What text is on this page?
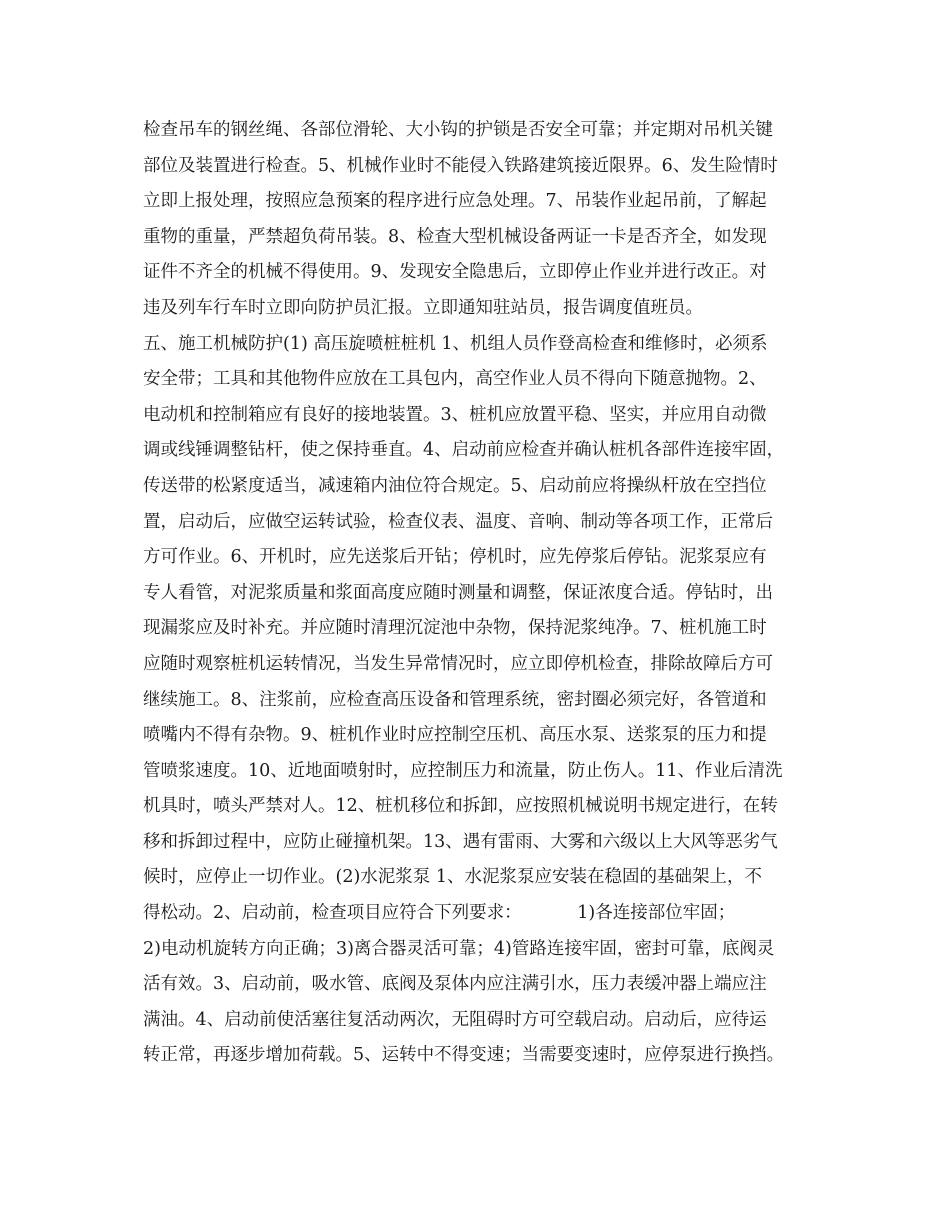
检查吊车的钢丝绳、各部位滑轮、大小钩的护锁是否安全可靠；并定期对吊机关键
部位及装置进行检查。5、机械作业时不能侵入铁路建筑接近限界。6、发生险情时
立即上报处理，按照应急预案的程序进行应急处理。7、吊装作业起吊前，了解起
重物的重量，严禁超负荷吊装。8、检查大型机械设备两证一卡是否齐全，如发现
证件不齐全的机械不得使用。9、发现安全隐患后，立即停止作业并进行改正。对
违及列车行车时立即向防护员汇报。立即通知驻站员，报告调度值班员。
五、施工机械防护(1) 高压旋喷桩桩机 1、机组人员作登高检查和维修时，必须系
安全带；工具和其他物件应放在工具包内，高空作业人员不得向下随意抛物。2、
电动机和控制箱应有良好的接地装置。3、桩机应放置平稳、坚实，并应用自动微
调或线锤调整钻杆，使之保持垂直。4、启动前应检查并确认桩机各部件连接牢固，
传送带的松紧度适当，减速箱内油位符合规定。5、启动前应将操纵杆放在空挡位
置，启动后，应做空运转试验，检查仪表、温度、音响、制动等各项工作，正常后
方可作业。6、开机时，应先送浆后开钻；停机时，应先停浆后停钻。泥浆泵应有
专人看管，对泥浆质量和浆面高度应随时测量和调整，保证浓度合适。停钻时，出
现漏浆应及时补充。并应随时清理沉淀池中杂物，保持泥浆纯净。7、桩机施工时
应随时观察桩机运转情况，当发生异常情况时，应立即停机检查，排除故障后方可
继续施工。8、注浆前，应检查高压设备和管理系统，密封圈必须完好，各管道和
喷嘴内不得有杂物。9、桩机作业时应控制空压机、高压水泵、送浆泵的压力和提
管喷浆速度。10、近地面喷射时，应控制压力和流量，防止伤人。11、作业后清洗
机具时，喷头严禁对人。12、桩机移位和拆卸，应按照机械说明书规定进行，在转
移和拆卸过程中，应防止碰撞机架。13、遇有雷雨、大雾和六级以上大风等恶劣气
候时，应停止一切作业。(2)水泥浆泵 1、水泥浆泵应安装在稳固的基础架上，不
得松动。2、启动前，检查项目应符合下列要求：          1)各连接部位牢固；
2)电动机旋转方向正确；3)离合器灵活可靠；4)管路连接牢固，密封可靠，底阀灵
活有效。3、启动前，吸水管、底阀及泵体内应注满引水，压力表缓冲器上端应注
满油。4、启动前使活塞往复活动两次，无阻碍时方可空载启动。启动后，应待运
转正常，再逐步增加荷载。5、运转中不得变速；当需要变速时，应停泵进行换挡。
